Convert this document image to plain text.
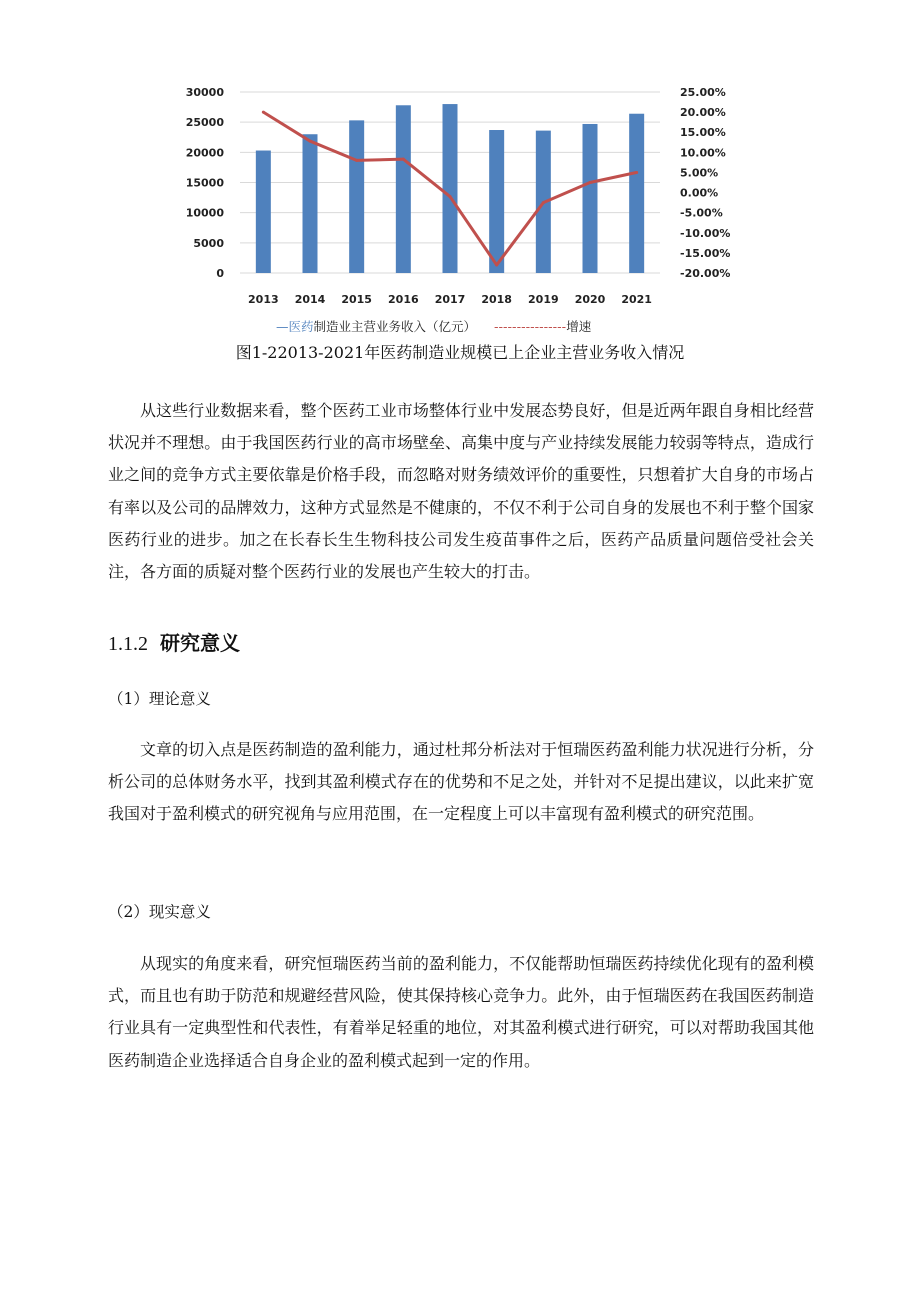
0
5000
10000
15000
20000
25000
30000	25.00%
20.00%
15.00%
10.00%
5.00%
0.00%
-5.00%
-10.00%
-15.00%
-20.00%
2013 2014 2015 2016 2017 2018 2019 2020 2021
—医药制造业主营业务收入（亿元） ----------------增速
图1-22013-2021年医药制造业规模已上企业主营业务收入情况

从这些行业数据来看，整个医药工业市场整体行业中发展态势良好，但是近两年跟自身相比经营状况并不理想。由于我国医药行业的高市场壁垒、高集中度与产业持续发展能力较弱等特点，造成行业之间的竞争方式主要依靠是价格手段，而忽略对财务绩效评价的重要性，只想着扩大自身的市场占有率以及公司的品牌效力，这种方式显然是不健康的，不仅不利于公司自身的发展也不利于整个国家医药行业的进步。加之在长春长生生物科技公司发生疫苗事件之后，医药产品质量问题倍受社会关注，各方面的质疑对整个医药行业的发展也产生较大的打击。

1.1.2 研究意义

（1）理论意义

文章的切入点是医药制造的盈利能力，通过杜邦分析法对于恒瑞医药盈利能力状况进行分析，分析公司的总体财务水平，找到其盈利模式存在的优势和不足之处，并针对不足提出建议，以此来扩宽我国对于盈利模式的研究视角与应用范围，在一定程度上可以丰富现有盈利模式的研究范围。

（2）现实意义

从现实的角度来看，研究恒瑞医药当前的盈利能力，不仅能帮助恒瑞医药持续优化现有的盈利模式，而且也有助于防范和规避经营风险，使其保持核心竞争力。此外，由于恒瑞医药在我国医药制造行业具有一定典型性和代表性，有着举足轻重的地位，对其盈利模式进行研究，可以对帮助我国其他医药制造企业选择适合自身企业的盈利模式起到一定的作用。
